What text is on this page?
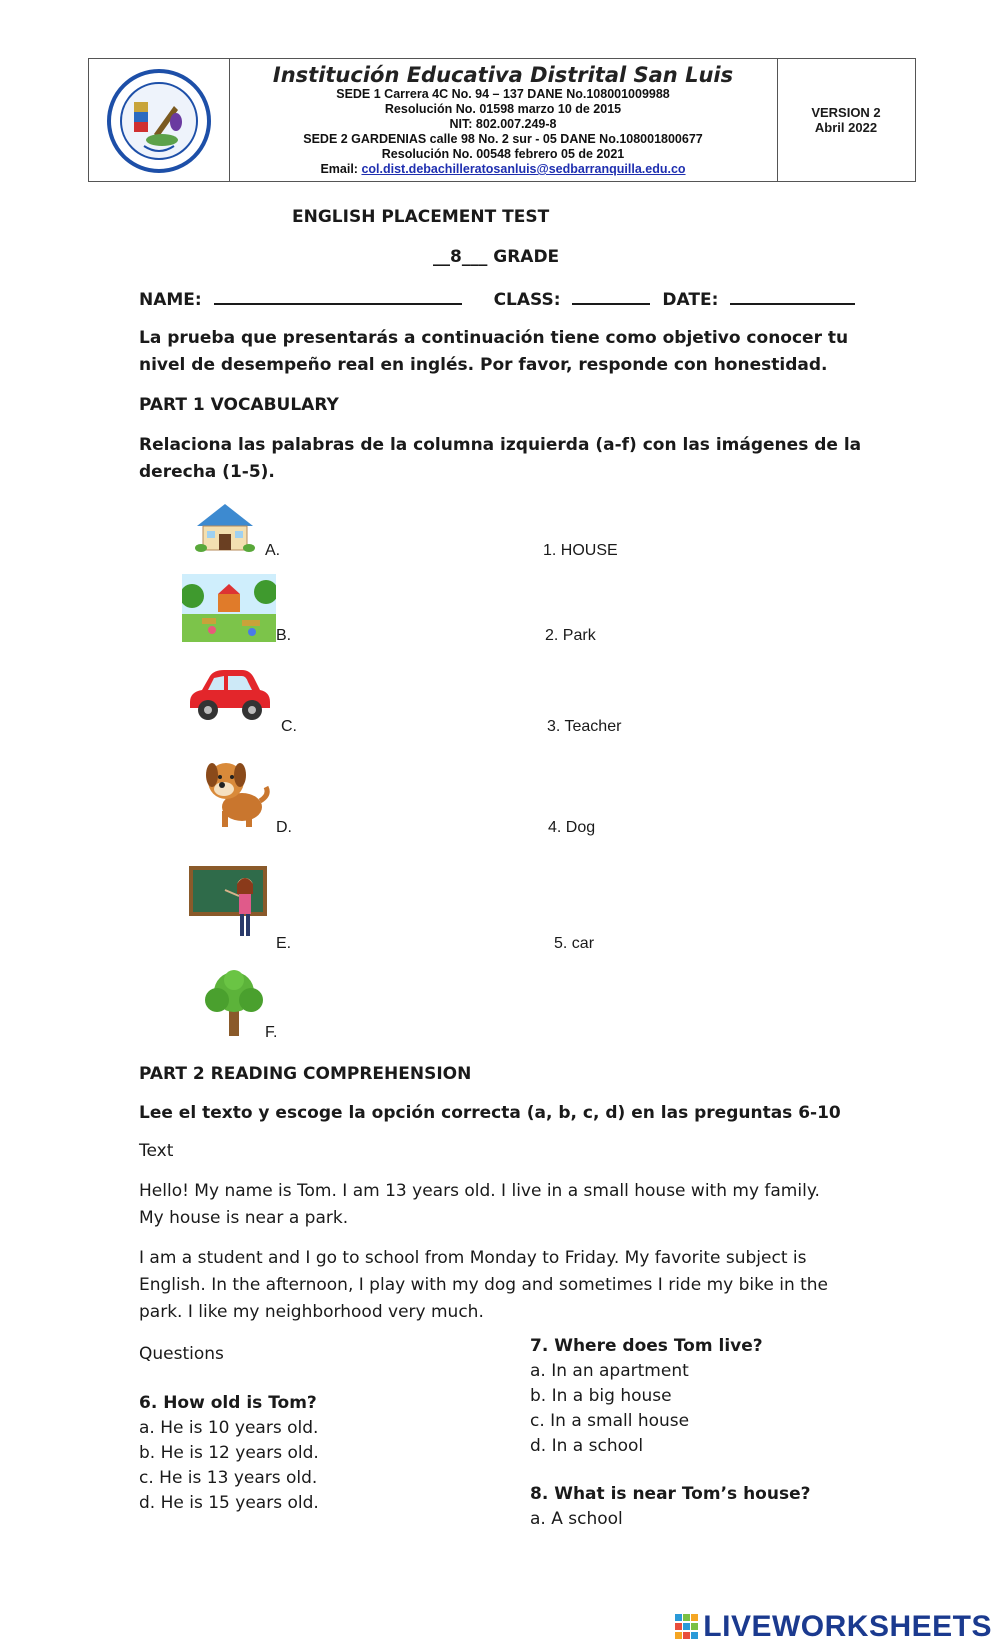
Institución Educativa Distrital San Luis
SEDE 1 Carrera 4C No. 94 – 137 DANE No.108001009988
Resolución No. 01598 marzo 10 de 2015
NIT: 802.007.249-8
SEDE 2 GARDENIAS calle 98 No. 2 sur - 05 DANE No.108001800677
Resolución No. 00548 febrero 05 de 2021
Email: col.dist.debachilleratosanluis@sedbarranquilla.edu.co
VERSION 2
Abril 2022
ENGLISH PLACEMENT TEST
__8___ GRADE
NAME:	CLASS:	DATE:
La prueba que presentarás a continuación tiene como objetivo conocer tu nivel de desempeño real en inglés. Por favor, responde con honestidad.
PART 1 VOCABULARY
Relaciona las palabras de la columna izquierda (a-f) con las imágenes de la derecha (1-5).
A.
B.
C.
D.
E.
F.
1. HOUSE
2. Park
3. Teacher
4. Dog
5. car
PART 2 READING COMPREHENSION
Lee el texto y escoge la opción correcta (a, b, c, d) en las preguntas 6-10
Text
Hello! My name is Tom. I am 13 years old. I live in a small house with my family. My house is near a park.
I am a student and I go to school from Monday to Friday. My favorite subject is English. In the afternoon, I play with my dog and sometimes I ride my bike in the park. I like my neighborhood very much.
Questions
6. How old is Tom?
a. He is 10 years old.
b. He is 12 years old.
c. He is 13 years old.
d. He is 15 years old.
7. Where does Tom live?
a. In an apartment
b. In a big house
c. In a small house
d. In a school
8. What is near Tom’s house?
a. A school
LIVEWORKSHEETS
